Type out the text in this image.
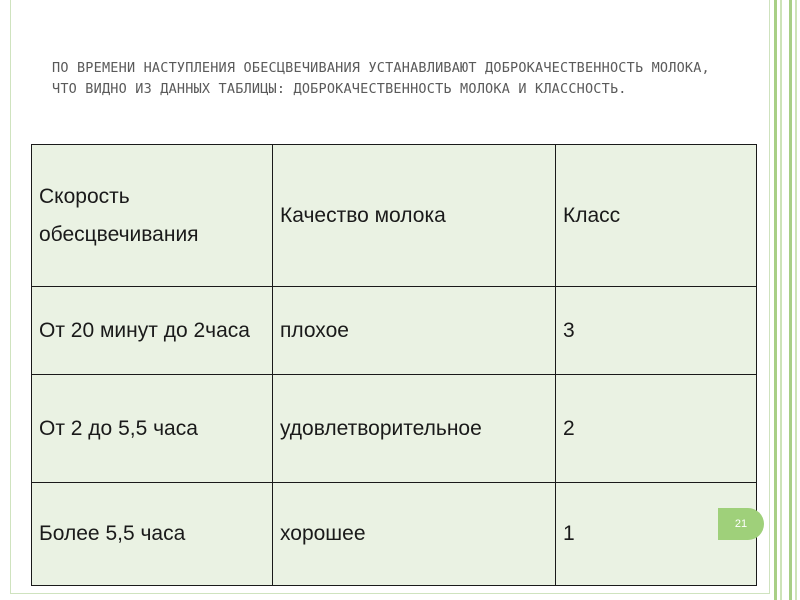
ПО ВРЕМЕНИ НАСТУПЛЕНИЯ ОБЕСЦВЕЧИВАНИЯ УСТАНАВЛИВАЮТ ДОБРОКАЧЕСТВЕННОСТЬ МОЛОКА, ЧТО ВИДНО ИЗ ДАННЫХ ТАБЛИЦЫ: ДОБРОКАЧЕСТВЕННОСТЬ МОЛОКА И КЛАССНОСТЬ.

Скорость обесцвечивания	Качество молока	Класс
От 20 минут до 2часа	плохое	3
От 2 до 5,5 часа	удовлетворительное	2
Более 5,5 часа	хорошее	1	21
